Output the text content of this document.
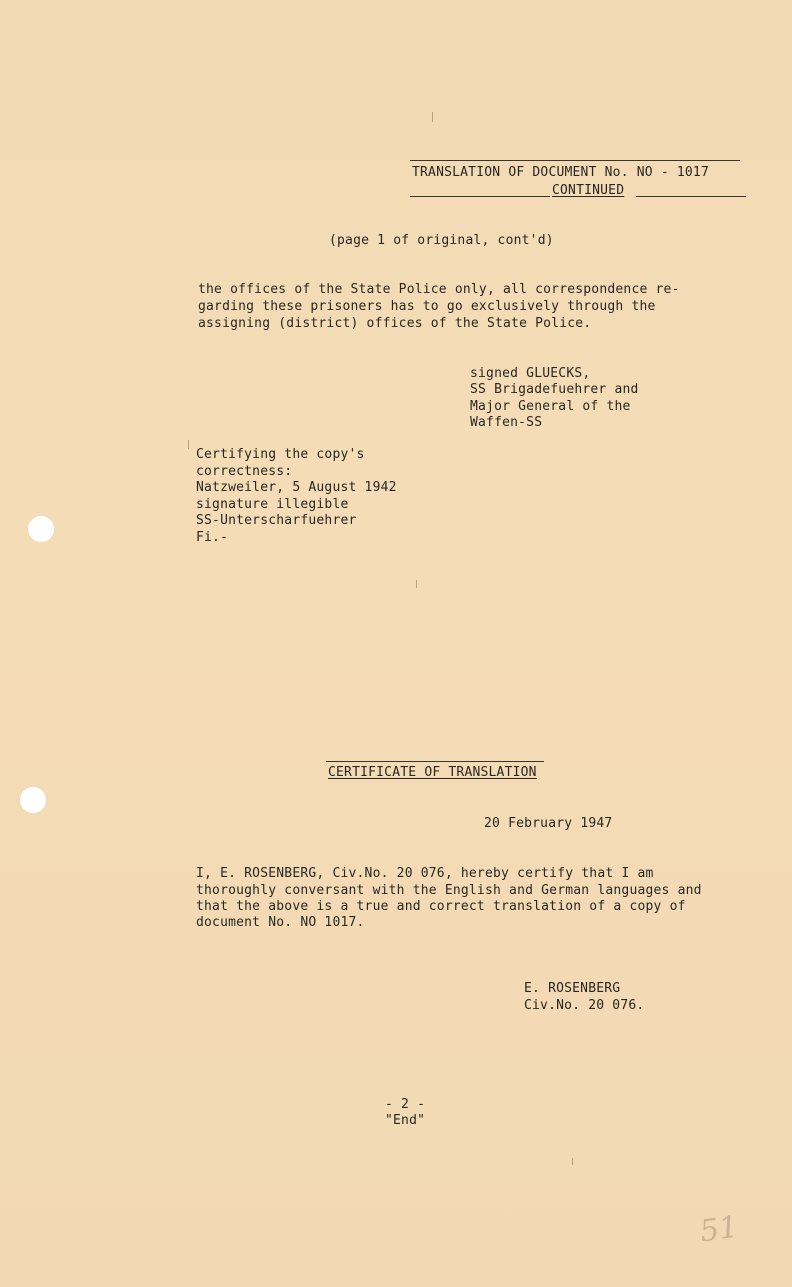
TRANSLATION OF DOCUMENT No. NO - 1017

CONTINUED

(page 1 of original, cont'd)

the offices of the State Police only, all correspondence re-

garding these prisoners has to go exclusively through the

assigning (district) offices of the State Police.

signed GLUECKS,

SS Brigadefuehrer and

Major General of the

Waffen-SS

Certifying the copy's

correctness:

Natzweiler, 5 August 1942

signature illegible

SS-Unterscharfuehrer

Fi.-

CERTIFICATE OF TRANSLATION

20 February 1947

I, E. ROSENBERG, Civ.No. 20 076, hereby certify that I am

thoroughly conversant with the English and German languages and

that the above is a true and correct translation of a copy of

document No. NO 1017.

E. ROSENBERG

Civ.No. 20 076.

- 2 -

"End"

51
